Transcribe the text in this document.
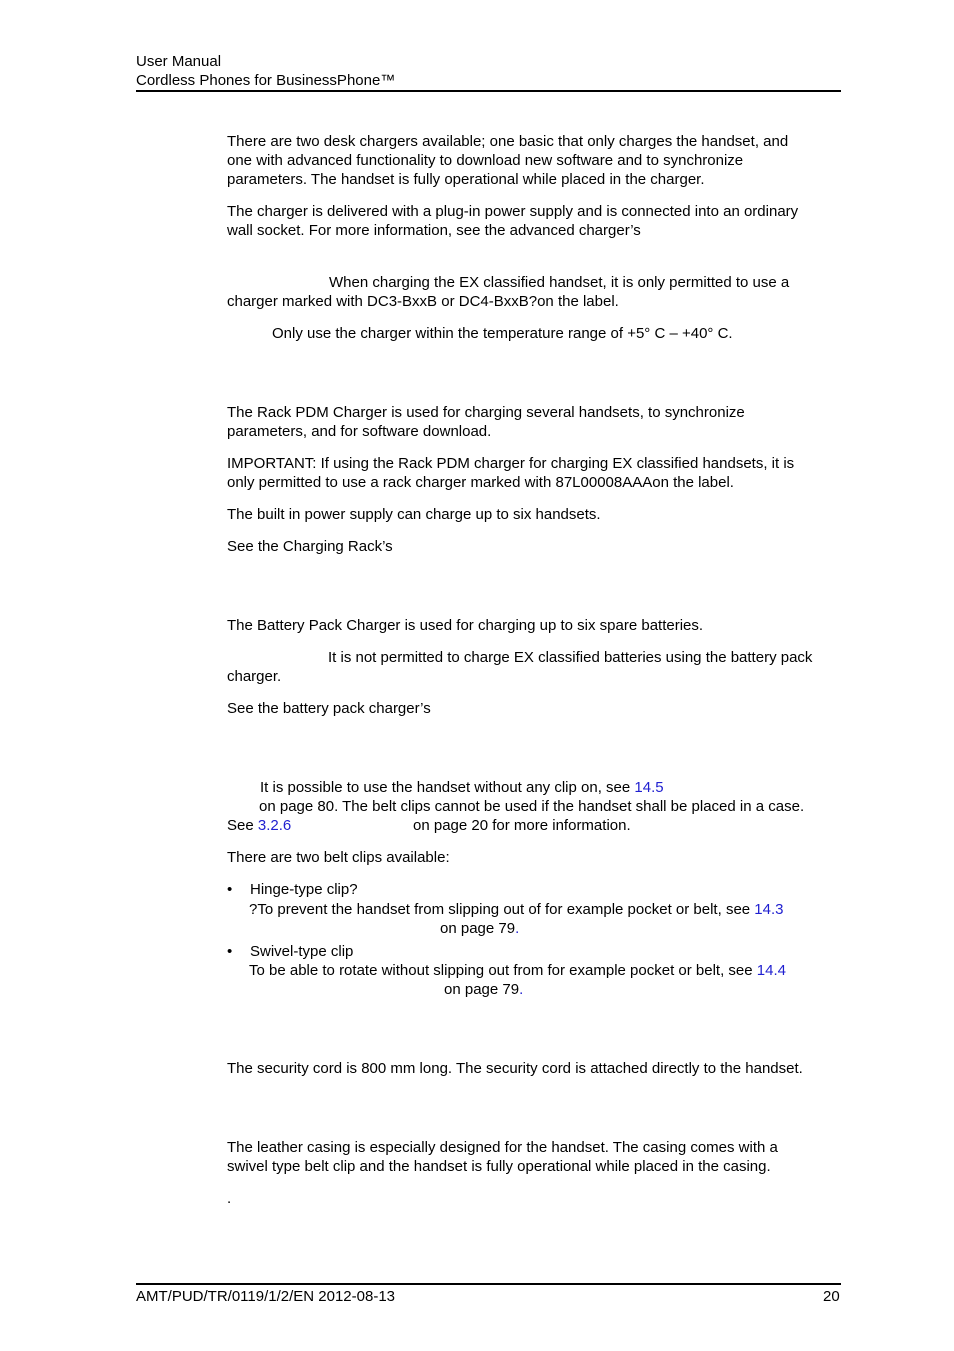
User Manual
Cordless Phones for BusinessPhone™
There are two desk chargers available; one basic that only charges the handset, and
one with advanced functionality to download new software and to synchronize
parameters. The handset is fully operational while placed in the charger.
The charger is delivered with a plug-in power supply and is connected into an ordinary
wall socket. For more information, see the advanced charger’s
When charging the EX classified handset, it is only permitted to use a
charger marked with DC3-BxxB or DC4-BxxB?on the label.
Only use the charger within the temperature range of +5° C – +40° C.
The Rack PDM Charger is used for charging several handsets, to synchronize
parameters, and for software download.
IMPORTANT: If using the Rack PDM charger for charging EX classified handsets, it is
only permitted to use a rack charger marked with 87L00008AAAon the label.
The built in power supply can charge up to six handsets.
See the Charging Rack’s
The Battery Pack Charger is used for charging up to six spare batteries.
It is not permitted to charge EX classified batteries using the battery pack
charger.
See the battery pack charger’s
It is possible to use the handset without any clip on, see 14.5
on page 80. The belt clips cannot be used if the handset shall be placed in a case.
See 3.2.6	on page 20 for more information.
There are two belt clips available:
• Hinge-type clip?
?To prevent the handset from slipping out of for example pocket or belt, see 14.3
on page 79.
• Swivel-type clip
To be able to rotate without slipping out from for example pocket or belt, see 14.4
on page 79.
The security cord is 800 mm long. The security cord is attached directly to the handset.
The leather casing is especially designed for the handset. The casing comes with a
swivel type belt clip and the handset is fully operational while placed in the casing.
.
AMT/PUD/TR/0119/1/2/EN 2012-08-13	20
